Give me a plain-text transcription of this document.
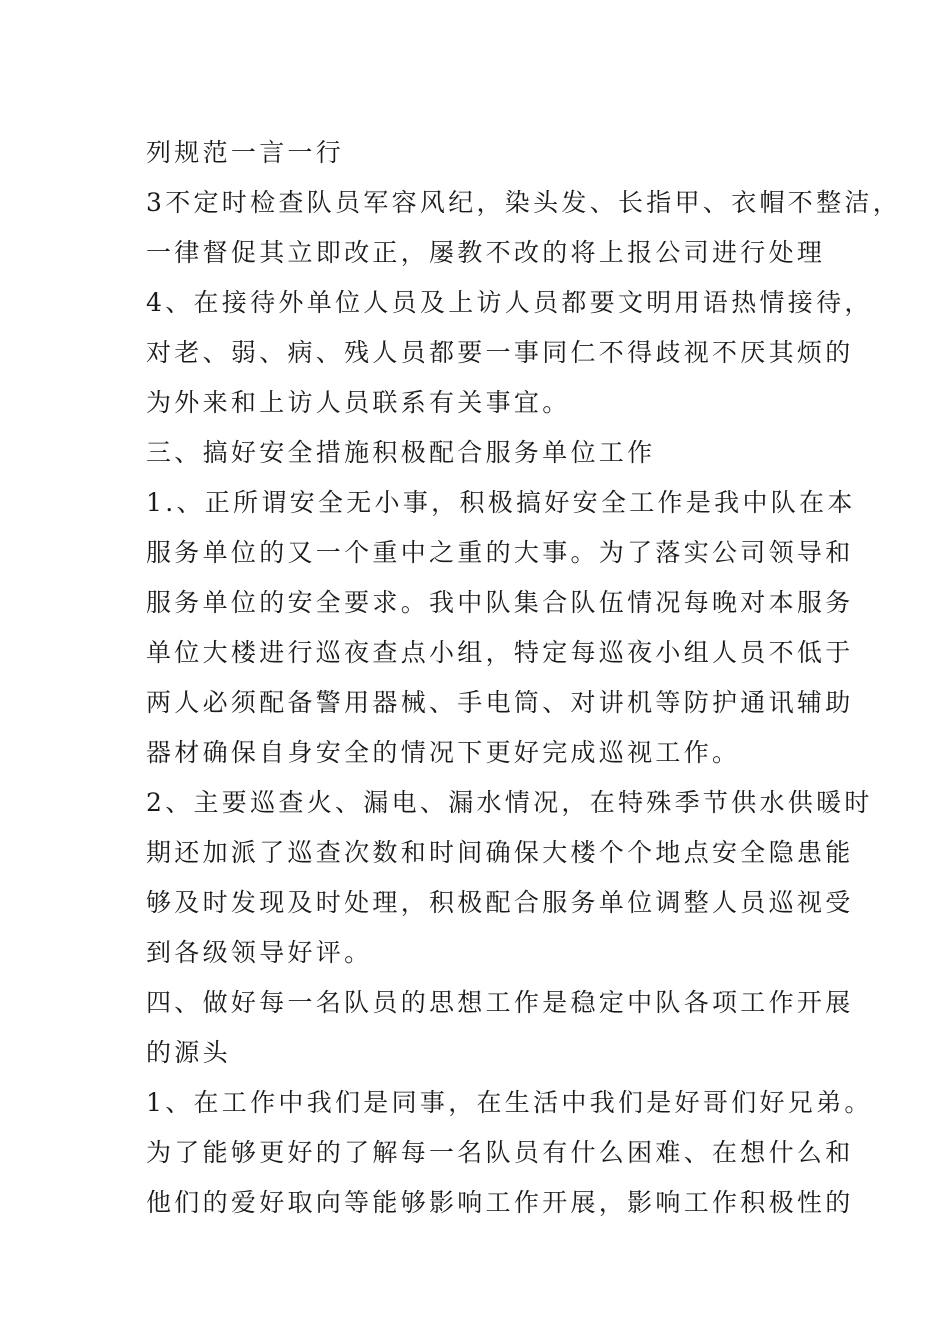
列规范一言一行
3不定时检查队员军容风纪，染头发、长指甲、衣帽不整洁，
一律督促其立即改正，屡教不改的将上报公司进行处理
4、在接待外单位人员及上访人员都要文明用语热情接待，
对老、弱、病、残人员都要一事同仁不得歧视不厌其烦的
为外来和上访人员联系有关事宜。
三、搞好安全措施积极配合服务单位工作
1.、正所谓安全无小事，积极搞好安全工作是我中队在本
服务单位的又一个重中之重的大事。为了落实公司领导和
服务单位的安全要求。我中队集合队伍情况每晚对本服务
单位大楼进行巡夜查点小组，特定每巡夜小组人员不低于
两人必须配备警用器械、手电筒、对讲机等防护通讯辅助
器材确保自身安全的情况下更好完成巡视工作。
2、主要巡查火、漏电、漏水情况，在特殊季节供水供暖时
期还加派了巡查次数和时间确保大楼个个地点安全隐患能
够及时发现及时处理，积极配合服务单位调整人员巡视受
到各级领导好评。
四、做好每一名队员的思想工作是稳定中队各项工作开展
的源头
1、在工作中我们是同事，在生活中我们是好哥们好兄弟。
为了能够更好的了解每一名队员有什么困难、在想什么和
他们的爱好取向等能够影响工作开展，影响工作积极性的
